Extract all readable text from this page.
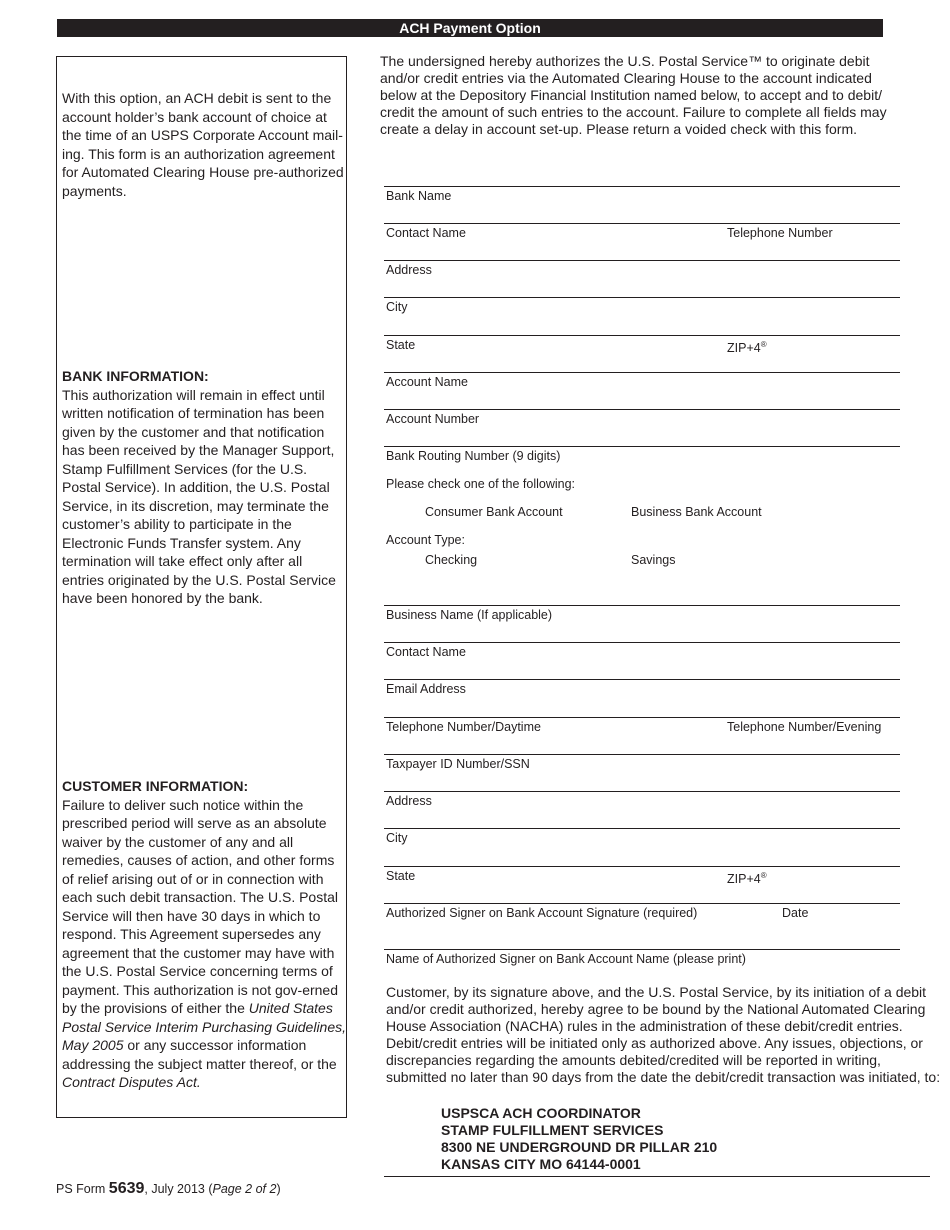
ACH Payment Option
With this option, an ACH debit is sent to the account holder’s bank account of choice at the time of an USPS Corporate Account mail-ing. This form is an authorization agreement for Automated Clearing House pre-authorized payments.
BANK INFORMATION:
This authorization will remain in effect until written notification of termination has been given by the customer and that notification has been received by the Manager Support, Stamp Fulfillment Services (for the U.S. Postal Service). In addition, the U.S. Postal Service, in its discretion, may terminate the customer’s ability to participate in the Electronic Funds Transfer system. Any termination will take effect only after all entries originated by the U.S. Postal Service have been honored by the bank.
CUSTOMER INFORMATION:
Failure to deliver such notice within the prescribed period will serve as an absolute waiver by the customer of any and all remedies, causes of action, and other forms of relief arising out of or in connection with each such debit transaction. The U.S. Postal Service will then have 30 days in which to respond. This Agreement supersedes any agreement that the customer may have with the U.S. Postal Service concerning terms of payment. This authorization is not gov-erned by the provisions of either the United States Postal Service Interim Purchasing Guidelines, May 2005 or any successor information addressing the subject matter thereof, or the Contract Disputes Act.
The undersigned hereby authorizes the U.S. Postal Service™ to originate debit and/or credit entries via the Automated Clearing House to the account indicated below at the Depository Financial Institution named below, to accept and to debit/ credit the amount of such entries to the account. Failure to complete all fields may create a delay in account set-up. Please return a voided check with this form.
Bank Name
Contact Name	Telephone Number
Address
City
State	ZIP+4®
Account Name
Account Number
Bank Routing Number (9 digits)
Please check one of the following:
Consumer Bank Account	Business Bank Account
Account Type:
Checking	Savings
Business Name (If applicable)
Contact Name
Email Address
Telephone Number/Daytime	Telephone Number/Evening
Taxpayer ID Number/SSN
Address
City
State	ZIP+4®
Authorized Signer on Bank Account Signature (required)	Date
Name of Authorized Signer on Bank Account Name (please print)
Customer, by its signature above, and the U.S. Postal Service, by its initiation of a debit and/or credit authorized, hereby agree to be bound by the National Automated Clearing House Association (NACHA) rules in the administration of these debit/credit entries. Debit/credit entries will be initiated only as authorized above. Any issues, objections, or discrepancies regarding the amounts debited/credited will be reported in writing, submitted no later than 90 days from the date the debit/credit transaction was initiated, to:
USPSCA ACH COORDINATOR
STAMP FULFILLMENT SERVICES
8300 NE UNDERGROUND DR PILLAR 210
KANSAS CITY MO 64144-0001
PS Form 5639, July 2013 (Page 2 of 2)
